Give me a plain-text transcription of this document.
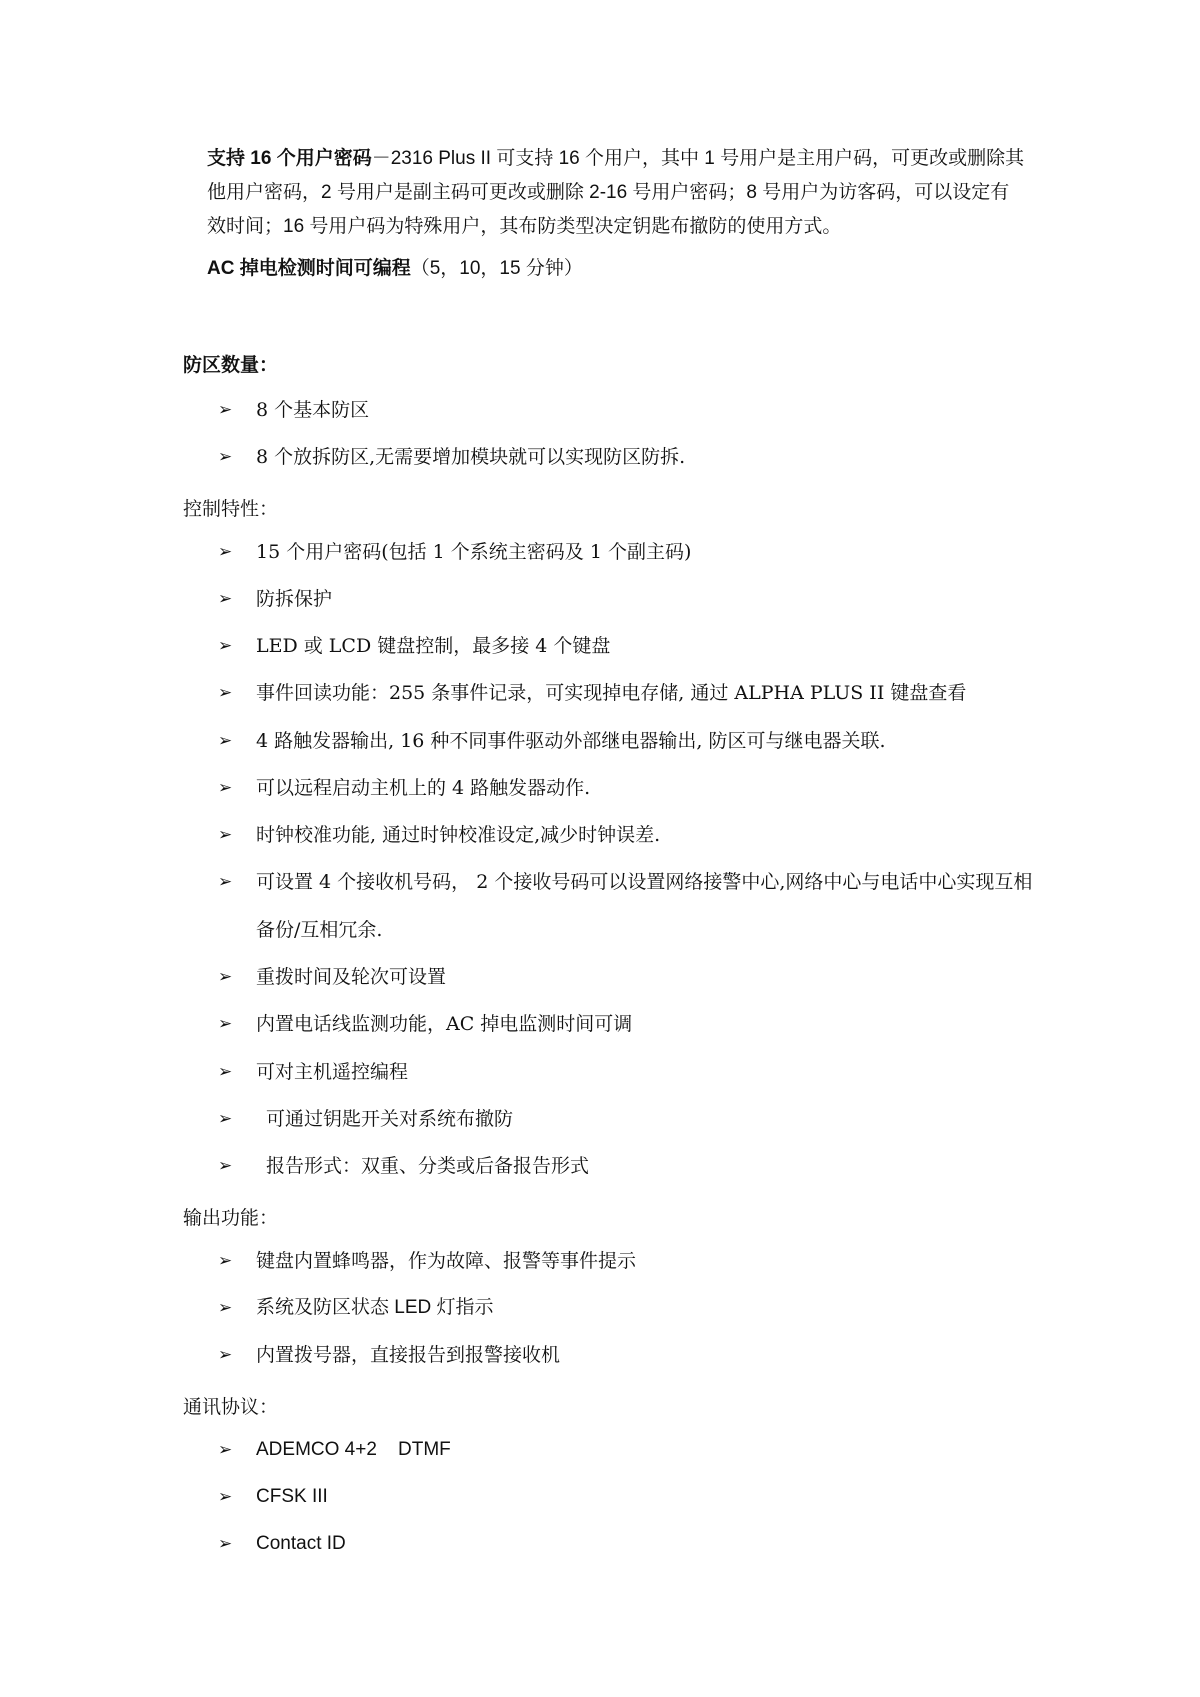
支持 16 个用户密码－2316 Plus II 可支持 16 个用户，其中 1 号用户是主用户码，可更改或删除其他用户密码，2 号用户是副主码可更改或删除 2-16 号用户密码；8 号用户为访客码，可以设定有效时间；16 号用户码为特殊用户，其布防类型决定钥匙布撤防的使用方式。
AC 掉电检测时间可编程（5，10，15 分钟）
防区数量：
➢ 8 个基本防区
➢ 8 个放拆防区,无需要增加模块就可以实现防区防拆.
控制特性：
➢ 15 个用户密码(包括 1 个系统主密码及 1 个副主码)
➢ 防拆保护
➢ LED 或 LCD 键盘控制，最多接 4 个键盘
➢ 事件回读功能：255 条事件记录，可实现掉电存储, 通过 ALPHA PLUS II 键盘查看
➢ 4 路触发器输出, 16 种不同事件驱动外部继电器输出, 防区可与继电器关联.
➢ 可以远程启动主机上的 4 路触发器动作.
➢ 时钟校准功能, 通过时钟校准设定,减少时钟误差.
➢ 可设置 4 个接收机号码， 2 个接收号码可以设置网络接警中心,网络中心与电话中心实现互相备份/互相冗余.
➢ 重拨时间及轮次可设置
➢ 内置电话线监测功能，AC 掉电监测时间可调
➢ 可对主机遥控编程
➢ 可通过钥匙开关对系统布撤防
➢ 报告形式：双重、分类或后备报告形式
输出功能：
➢ 键盘内置蜂鸣器，作为故障、报警等事件提示
➢ 系统及防区状态 LED 灯指示
➢ 内置拨号器，直接报告到报警接收机
通讯协议：
➢ ADEMCO 4+2    DTMF
➢ CFSK III
➢ Contact ID
